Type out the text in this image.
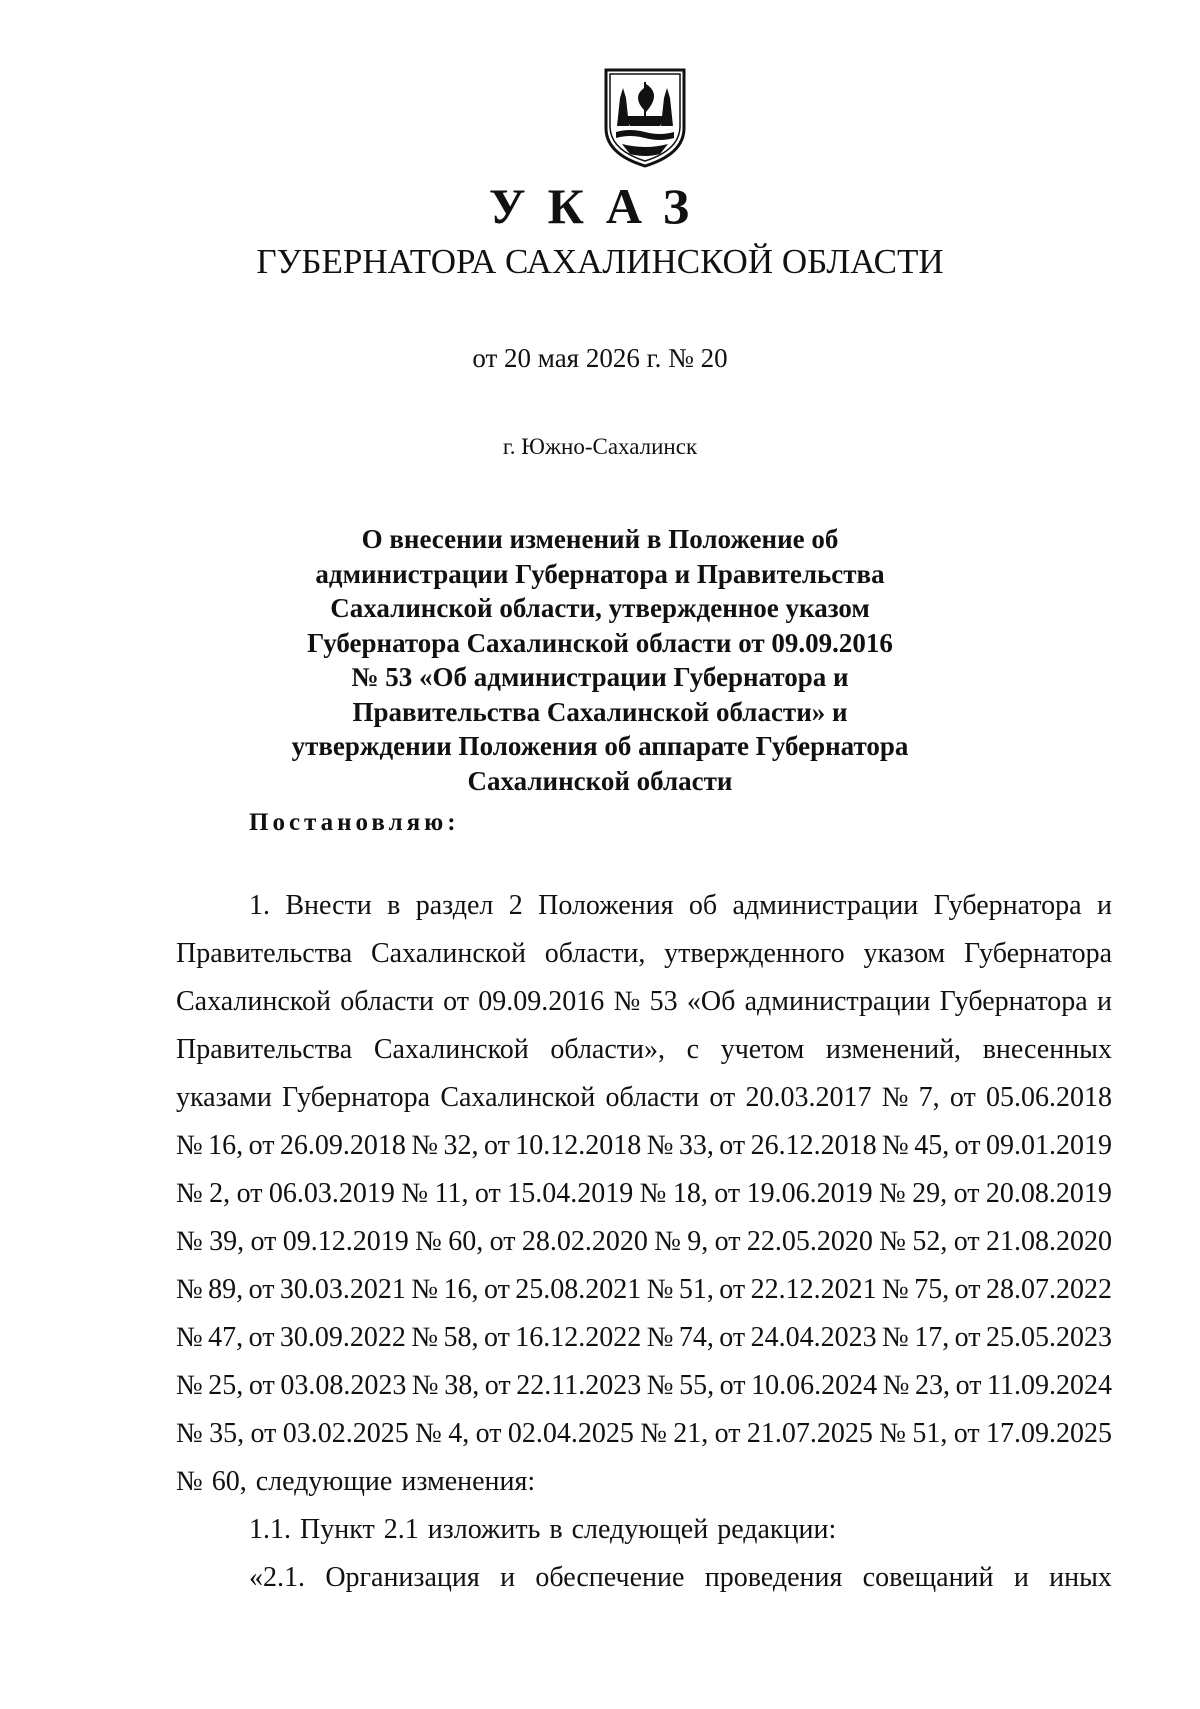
УКАЗ
ГУБЕРНАТОРА САХАЛИНСКОЙ ОБЛАСТИ
от 20 мая 2026 г. № 20
г. Южно-Сахалинск
О внесении изменений в Положение об
администрации Губернатора и Правительства
Сахалинской области, утвержденное указом
Губернатора Сахалинской области от 09.09.2016
№ 53 «Об администрации Губернатора и
Правительства Сахалинской области» и
утверждении Положения об аппарате Губернатора
Сахалинской области
Постановляю:
1. Внести в раздел 2 Положения об администрации Губернатора и
Правительства Сахалинской области, утвержденного указом Губернатора
Сахалинской области от 09.09.2016 № 53 «Об администрации Губернатора и
Правительства Сахалинской области», с учетом изменений, внесенных
указами Губернатора Сахалинской области от 20.03.2017 № 7, от 05.06.2018
№ 16, от 26.09.2018 № 32, от 10.12.2018 № 33, от 26.12.2018 № 45, от 09.01.2019
№ 2, от 06.03.2019 № 11, от 15.04.2019 № 18, от 19.06.2019 № 29, от 20.08.2019
№ 39, от 09.12.2019 № 60, от 28.02.2020 № 9, от 22.05.2020 № 52, от 21.08.2020
№ 89, от 30.03.2021 № 16, от 25.08.2021 № 51, от 22.12.2021 № 75, от 28.07.2022
№ 47, от 30.09.2022 № 58, от 16.12.2022 № 74, от 24.04.2023 № 17, от 25.05.2023
№ 25, от 03.08.2023 № 38, от 22.11.2023 № 55, от 10.06.2024 № 23, от 11.09.2024
№ 35, от 03.02.2025 № 4, от 02.04.2025 № 21, от 21.07.2025 № 51, от 17.09.2025
№ 60, следующие изменения:
1.1. Пункт 2.1 изложить в следующей редакции:
«2.1. Организация и обеспечение проведения совещаний и иных
